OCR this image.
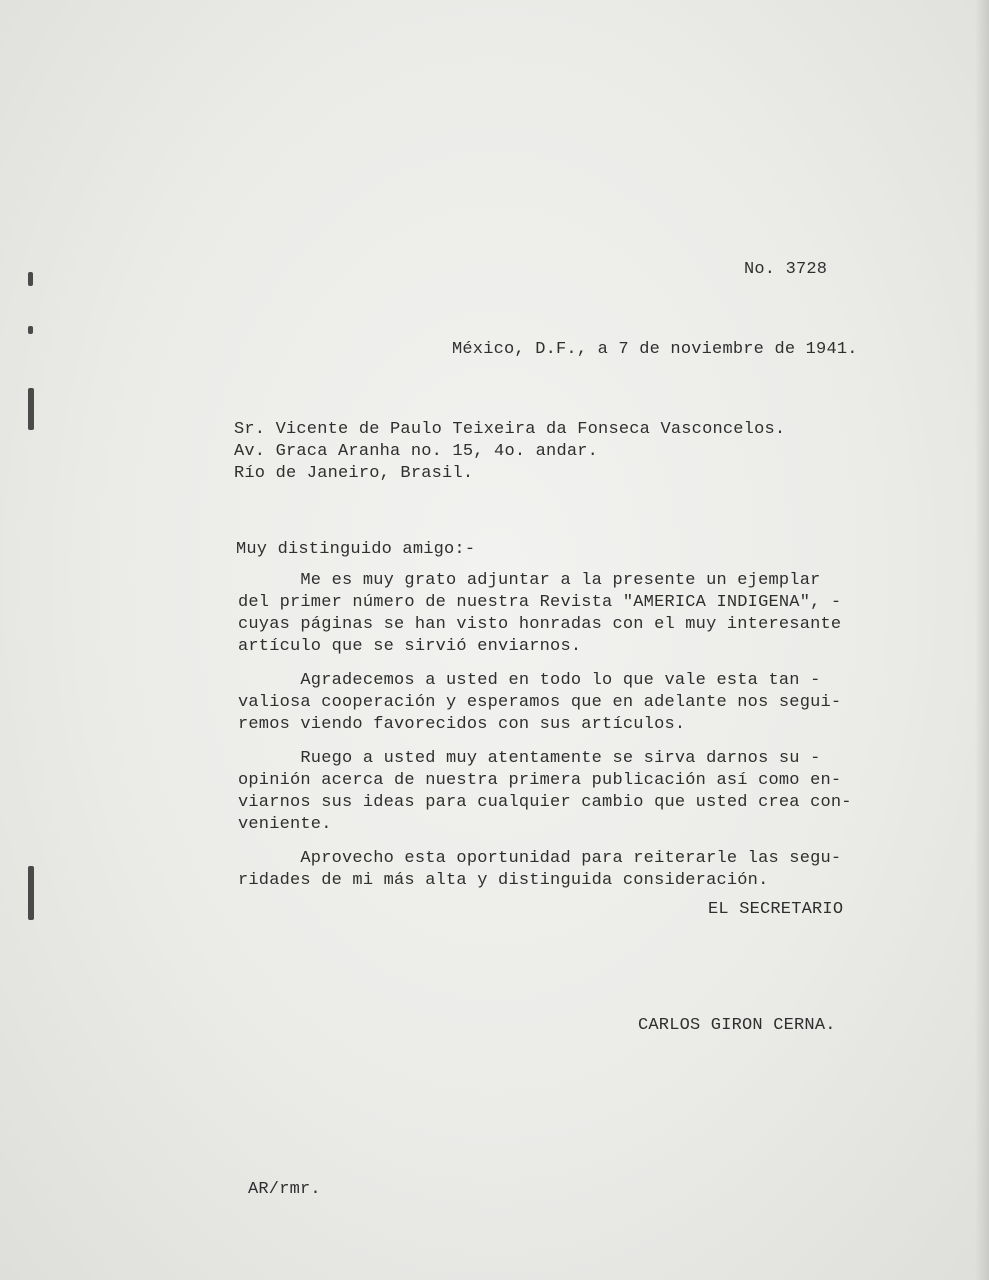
No. 3728
México, D.F., a 7 de noviembre de 1941.
Sr. Vicente de Paulo Teixeira da Fonseca Vasconcelos.
Av. Graca Aranha no. 15, 4o. andar.
Río de Janeiro, Brasil.
Muy distinguido amigo:-
Me es muy grato adjuntar a la presente un ejemplar
del primer número de nuestra Revista "AMERICA INDIGENA", -
cuyas páginas se han visto honradas con el muy interesante
artículo que se sirvió enviarnos.
Agradecemos a usted en todo lo que vale esta tan -
valiosa cooperación y esperamos que en adelante nos segui-
remos viendo favorecidos con sus artículos.
Ruego a usted muy atentamente se sirva darnos su -
opinión acerca de nuestra primera publicación así como en-
viarnos sus ideas para cualquier cambio que usted crea con-
veniente.
Aprovecho esta oportunidad para reiterarle las segu-
ridades de mi más alta y distinguida consideración.
EL SECRETARIO
CARLOS GIRON CERNA.
AR/rmr.
